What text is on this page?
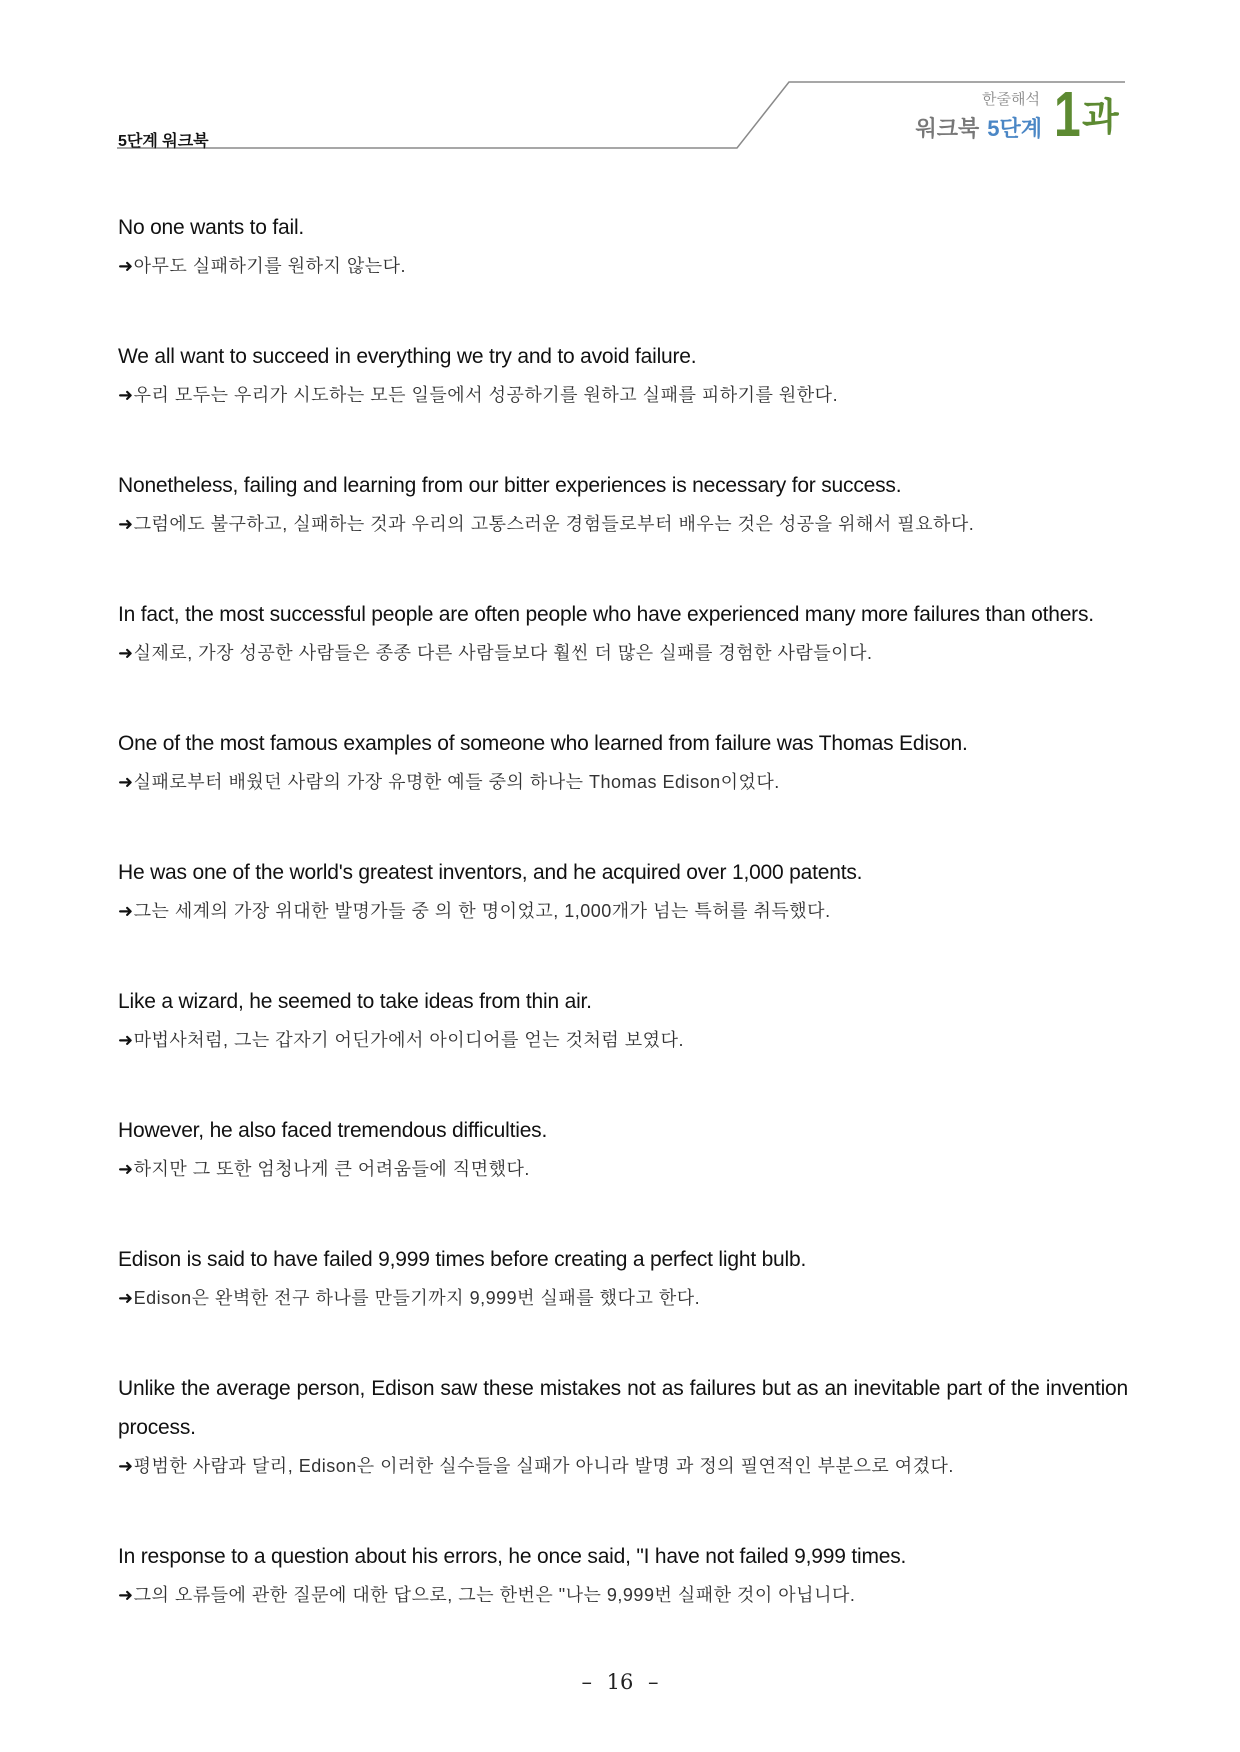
5단계 워크북
한줄해석
워크북 5단계 1 과
No one wants to fail.
➜아무도 실패하기를 원하지 않는다.
We all want to succeed in everything we try and to avoid failure.
➜우리 모두는 우리가 시도하는 모든 일들에서 성공하기를 원하고 실패를 피하기를 원한다.
Nonetheless, failing and learning from our bitter experiences is necessary for success.
➜그럼에도 불구하고, 실패하는 것과 우리의 고통스러운 경험들로부터 배우는 것은 성공을 위해서 필요하다.
In fact, the most successful people are often people who have experienced many more failures than others.
➜실제로, 가장 성공한 사람들은 종종 다른 사람들보다 훨씬 더 많은 실패를 경험한 사람들이다.
One of the most famous examples of someone who learned from failure was Thomas Edison.
➜실패로부터 배웠던 사람의 가장 유명한 예들 중의 하나는 Thomas Edison이었다.
He was one of the world's greatest inventors, and he acquired over 1,000 patents.
➜그는 세계의 가장 위대한 발명가들 중 의 한 명이었고, 1,000개가 넘는 특허를 취득했다.
Like a wizard, he seemed to take ideas from thin air.
➜마법사처럼, 그는 갑자기 어딘가에서 아이디어를 얻는 것처럼 보였다.
However, he also faced tremendous difficulties.
➜하지만 그 또한 엄청나게 큰 어려움들에 직면했다.
Edison is said to have failed 9,999 times before creating a perfect light bulb.
➜Edison은 완벽한 전구 하나를 만들기까지 9,999번 실패를 했다고 한다.
Unlike the average person, Edison saw these mistakes not as failures but as an inevitable part of the invention process.
➜평범한 사람과 달리, Edison은 이러한 실수들을 실패가 아니라 발명 과 정의 필연적인 부분으로 여겼다.
In response to a question about his errors, he once said, "I have not failed 9,999 times.
➜그의 오류들에 관한 질문에 대한 답으로, 그는 한번은 "나는 9,999번 실패한 것이 아닙니다.
– 16 –
